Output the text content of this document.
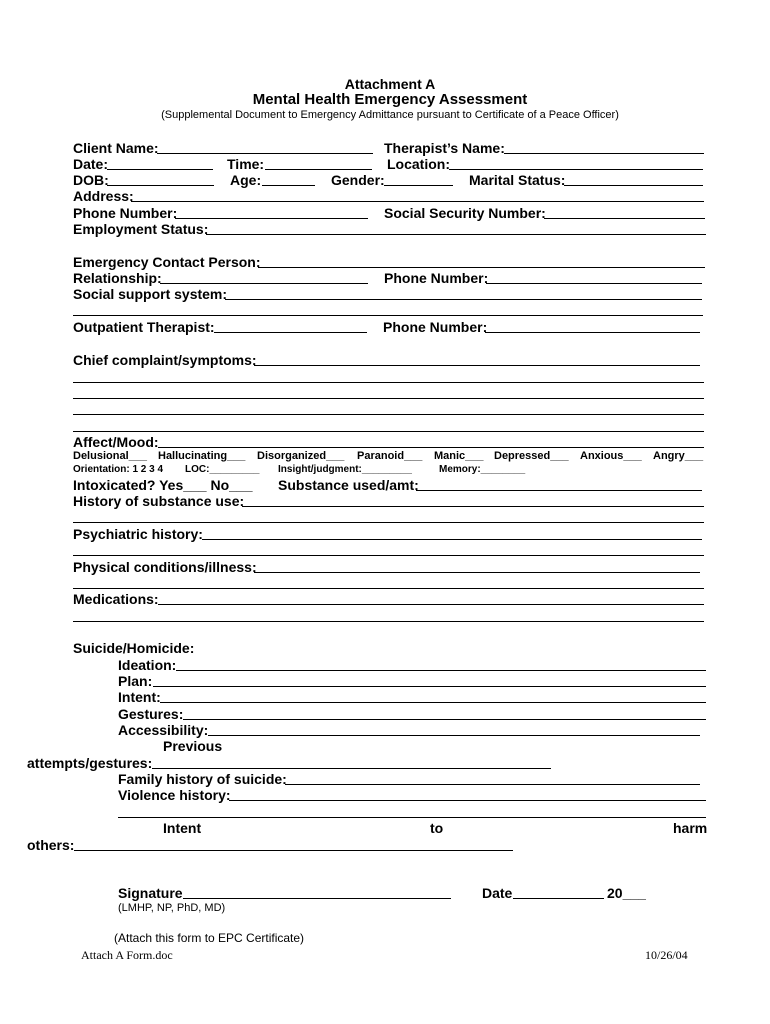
Attachment A
Mental Health Emergency Assessment
(Supplemental Document to Emergency Admittance pursuant to Certificate of a Peace Officer)
Client Name:	Therapist’s Name:
Date:	Time:	Location:
DOB:	Age:	Gender:	Marital Status:
Address:
Phone Number:	Social Security Number:
Employment Status:
Emergency Contact Person:
Relationship:	Phone Number:
Social support system:
Outpatient Therapist:	Phone Number:
Chief complaint/symptoms:
Affect/Mood:
Delusional___ Hallucinating___ Disorganized___ Paranoid___ Manic___ Depressed___ Anxious___ Angry___
Orientation: 1 2 3 4 LOC:_________ Insight/judgment:_________	Memory:________
Intoxicated? Yes___ No___ Substance used/amt:
History of substance use:
Psychiatric history:
Physical conditions/illness:
Medications:
Suicide/Homicide:
Ideation:
Plan:
Intent:
Gestures:
Accessibility:
Previous
attempts/gestures:
Family history of suicide:
Violence history:
Intent	to	harm
others:
Signature
(LMHP, NP, PhD, MD)
Date	20___
(Attach this form to EPC Certificate)
Attach A Form.doc	10/26/04
